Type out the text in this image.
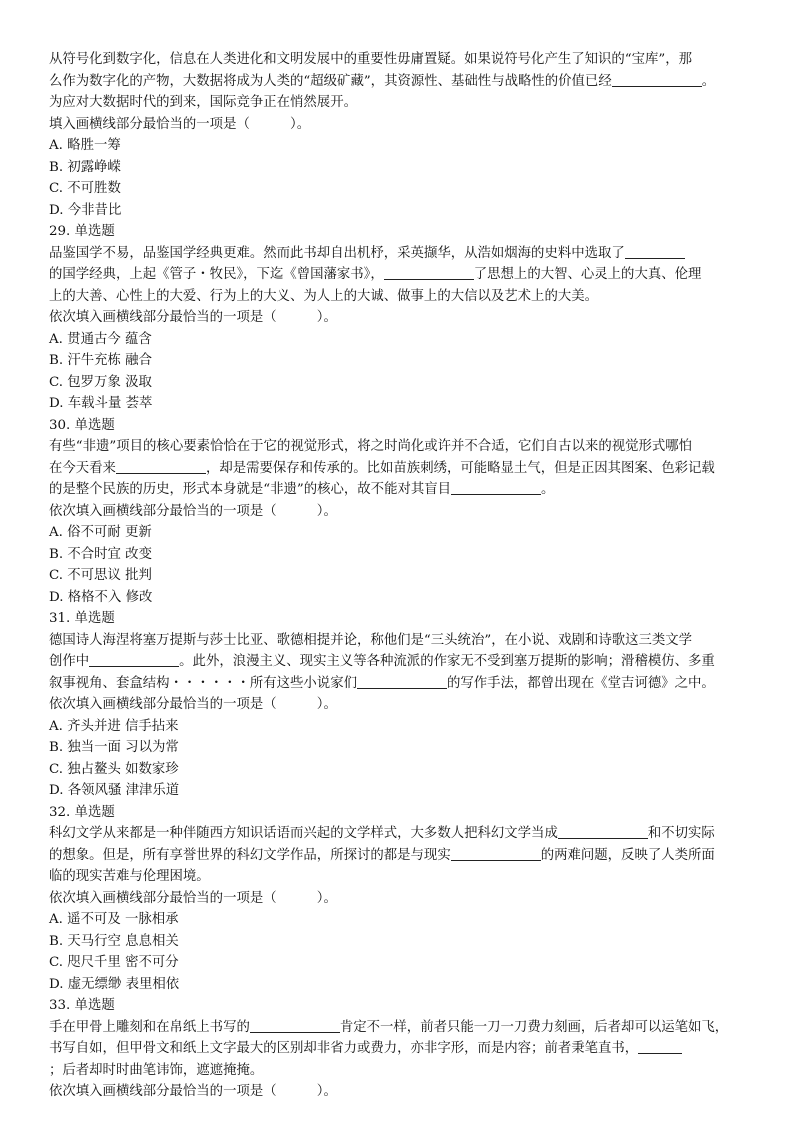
从符号化到数字化，信息在人类进化和文明发展中的重要性毋庸置疑。如果说符号化产生了知识的“宝库”，那
么作为数字化的产物，大数据将成为人类的“超级矿藏”，其资源性、基础性与战略性的价值已经	。
为应对大数据时代的到来，国际竞争正在悄然展开。
填入画横线部分最恰当的一项是（　　　）。
A. 略胜一筹
B. 初露峥嵘
C. 不可胜数
D. 今非昔比
29. 单选题
品鉴国学不易，品鉴国学经典更难。然而此书却自出机杼，采英撷华，从浩如烟海的史料中选取了
的国学经典，上起《管子・牧民》，下迄《曾国藩家书》，	了思想上的大智、心灵上的大真、伦理
上的大善、心性上的大爱、行为上的大义、为人上的大诚、做事上的大信以及艺术上的大美。
依次填入画横线部分最恰当的一项是（　　　）。
A. 贯通古今 蕴含
B. 汗牛充栋 融合
C. 包罗万象 汲取
D. 车载斗量 荟萃
30. 单选题
有些“非遗”项目的核心要素恰恰在于它的视觉形式，将之时尚化或许并不合适，它们自古以来的视觉形式哪怕
在今天看来	，却是需要保存和传承的。比如苗族刺绣，可能略显土气，但是正因其图案、色彩记载
的是整个民族的历史，形式本身就是“非遗”的核心，故不能对其盲目	。
依次填入画横线部分最恰当的一项是（　　　）。
A. 俗不可耐 更新
B. 不合时宜 改变
C. 不可思议 批判
D. 格格不入 修改
31. 单选题
德国诗人海涅将塞万提斯与莎士比亚、歌德相提并论，称他们是“三头统治”，在小说、戏剧和诗歌这三类文学
创作中	。此外，浪漫主义、现实主义等各种流派的作家无不受到塞万提斯的影响；滑稽模仿、多重
叙事视角、套盒结构・・・・・・所有这些小说家们	的写作手法，都曾出现在《堂吉诃德》之中。
依次填入画横线部分最恰当的一项是（　　　）。
A. 齐头并进 信手拈来
B. 独当一面 习以为常
C. 独占鳌头 如数家珍
D. 各领风骚 津津乐道
32. 单选题
科幻文学从来都是一种伴随西方知识话语而兴起的文学样式，大多数人把科幻文学当成	和不切实际
的想象。但是，所有享誉世界的科幻文学作品，所探讨的都是与现实	的两难问题，反映了人类所面
临的现实苦难与伦理困境。
依次填入画横线部分最恰当的一项是（　　　）。
A. 遥不可及 一脉相承
B. 天马行空 息息相关
C. 咫尺千里 密不可分
D. 虚无缥缈 表里相依
33. 单选题
手在甲骨上雕刻和在帛纸上书写的	肯定不一样，前者只能一刀一刀费力刻画，后者却可以运笔如飞，
书写自如，但甲骨文和纸上文字最大的区别却非省力或费力，亦非字形，而是内容；前者秉笔直书，
；后者却时时曲笔讳饰，遮遮掩掩。
依次填入画横线部分最恰当的一项是（　　　）。
